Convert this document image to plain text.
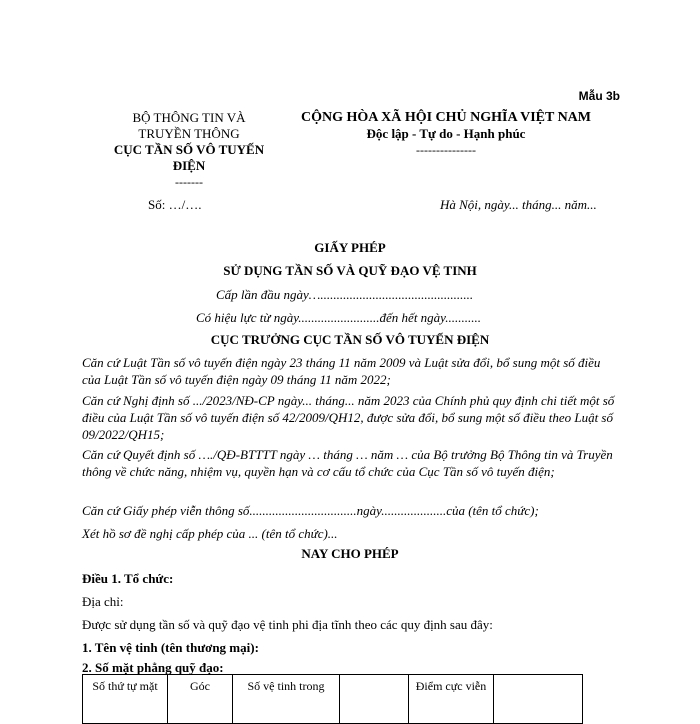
Mẫu 3b
BỘ THÔNG TIN VÀ TRUYỀN THÔNG
CỤC TẦN SỐ VÔ TUYẾN ĐIỆN
-------
CỘNG HÒA XÃ HỘI CHỦ NGHĨA VIỆT NAM
Độc lập - Tự do - Hạnh phúc
---------------
Số: …/….	Hà Nội, ngày... tháng... năm...
GIẤY PHÉP
SỬ DỤNG TẦN SỐ VÀ QUỸ ĐẠO VỆ TINH
Cấp lần đầu ngày…...............................................
Có hiệu lực từ ngày.........................đến hết ngày...........
CỤC TRƯỞNG CỤC TẦN SỐ VÔ TUYẾN ĐIỆN
Căn cứ Luật Tần số vô tuyến điện ngày 23 tháng 11 năm 2009 và Luật sửa đổi, bổ sung một số điều của Luật Tần số vô tuyến điện ngày 09 tháng 11 năm 2022;
Căn cứ Nghị định số .../2023/NĐ-CP ngày... tháng... năm 2023 của Chính phủ quy định chi tiết một số điều của Luật Tần số vô tuyến điện số 42/2009/QH12, được sửa đổi, bổ sung một số điều theo Luật số 09/2022/QH15;
Căn cứ Quyết định số …./QĐ-BTTTT ngày … tháng … năm … của Bộ trưởng Bộ Thông tin và Truyền thông về chức năng, nhiệm vụ, quyền hạn và cơ cấu tổ chức của Cục Tần số vô tuyến điện;
Căn cứ Giấy phép viễn thông số.................................ngày....................của (tên tổ chức);
Xét hồ sơ đề nghị cấp phép của ... (tên tổ chức)...
NAY CHO PHÉP
Điều 1. Tổ chức:
Địa chỉ:
Được sử dụng tần số và quỹ đạo vệ tinh phi địa tĩnh theo các quy định sau đây:
1. Tên vệ tinh (tên thương mại):
2. Số mặt phẳng quỹ đạo:
Số thứ tự mặt	Góc	Số vệ tinh trong		Điểm cực viễn	
